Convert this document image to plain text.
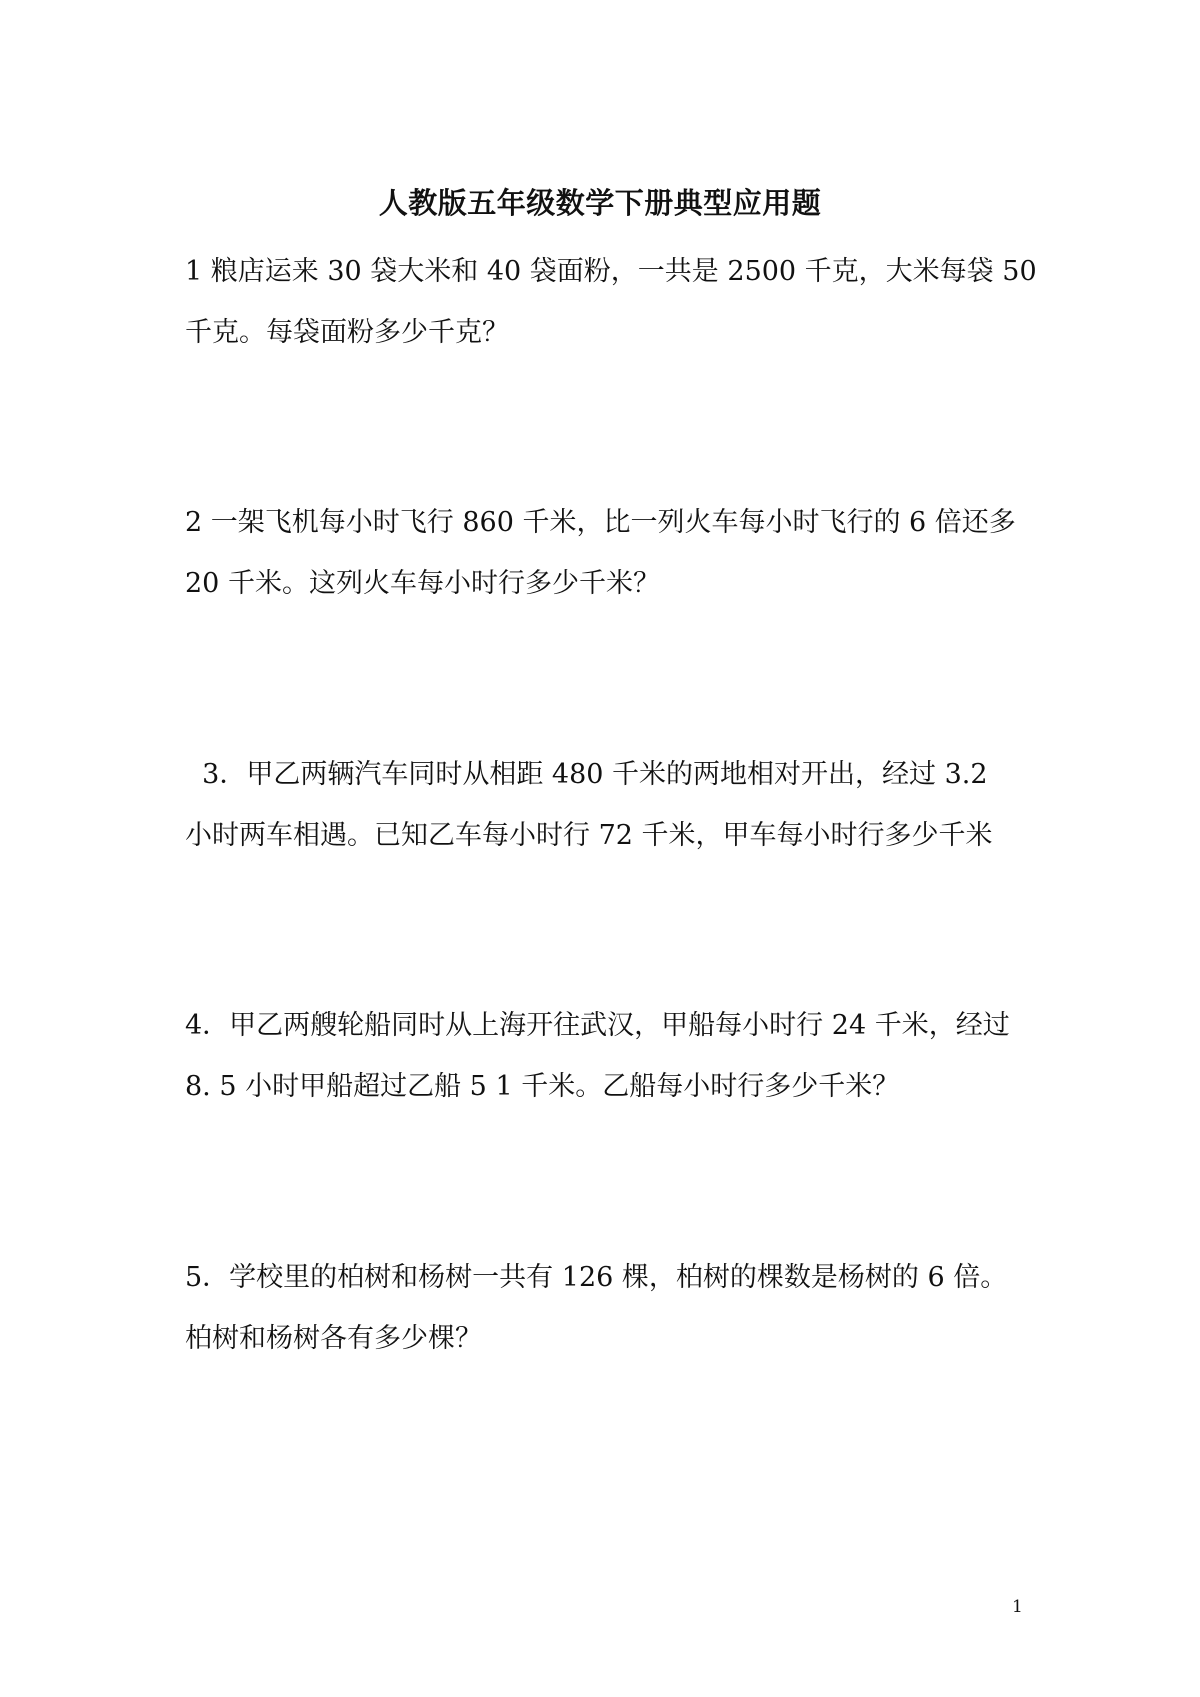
人教版五年级数学下册典型应用题
1 粮店运来 30 袋大米和 40 袋面粉，一共是 2500 千克，大米每袋 50
千克。每袋面粉多少千克？
2 一架飞机每小时飞行 860 千米，比一列火车每小时飞行的 6 倍还多
20 千米。这列火车每小时行多少千米？
3．甲乙两辆汽车同时从相距 480 千米的两地相对开出，经过 3.2
小时两车相遇。已知乙车每小时行 72 千米，甲车每小时行多少千米
4．甲乙两艘轮船同时从上海开往武汉，甲船每小时行 24 千米，经过
8. 5 小时甲船超过乙船 5 1 千米。乙船每小时行多少千米？
5．学校里的柏树和杨树一共有 126 棵，柏树的棵数是杨树的 6 倍。
柏树和杨树各有多少棵？
1
